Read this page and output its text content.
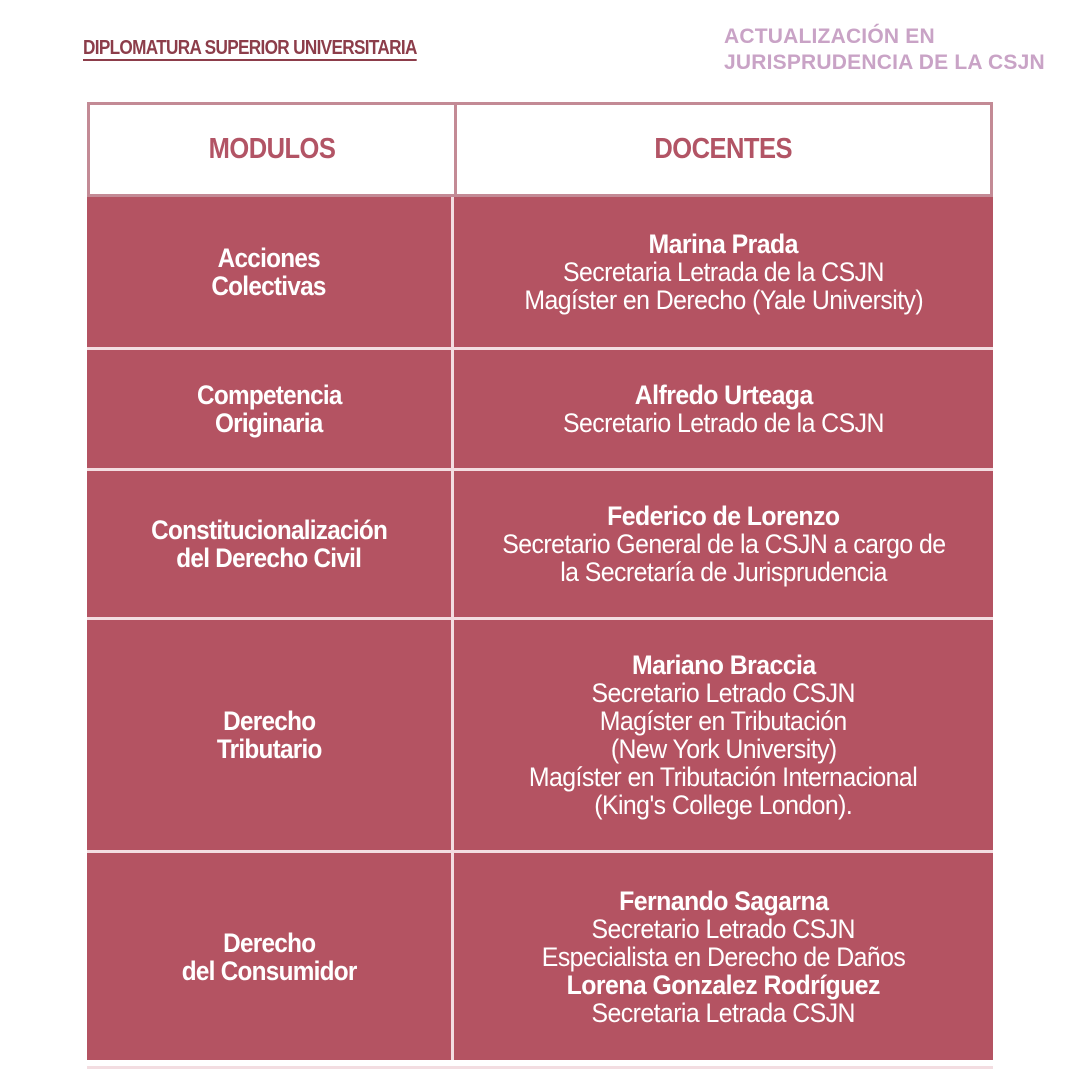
DIPLOMATURA SUPERIOR UNIVERSITARIA	ACTUALIZACIÓN EN
JURISPRUDENCIA DE LA CSJN
MODULOS	DOCENTES
Acciones
Colectivas
Marina Prada
Secretaria Letrada de la CSJN
Magíster en Derecho (Yale University)
Competencia
Originaria
Alfredo Urteaga
Secretario Letrado de la CSJN
Constitucionalización
del Derecho Civil
Federico de Lorenzo
Secretario General de la CSJN a cargo de
la Secretaría de Jurisprudencia
Derecho
Tributario
Mariano Braccia
Secretario Letrado CSJN
Magíster en Tributación
(New York University)
Magíster en Tributación Internacional
(King's College London).
Derecho
del Consumidor
Fernando Sagarna
Secretario Letrado CSJN
Especialista en Derecho de Daños
Lorena Gonzalez Rodríguez
Secretaria Letrada CSJN
